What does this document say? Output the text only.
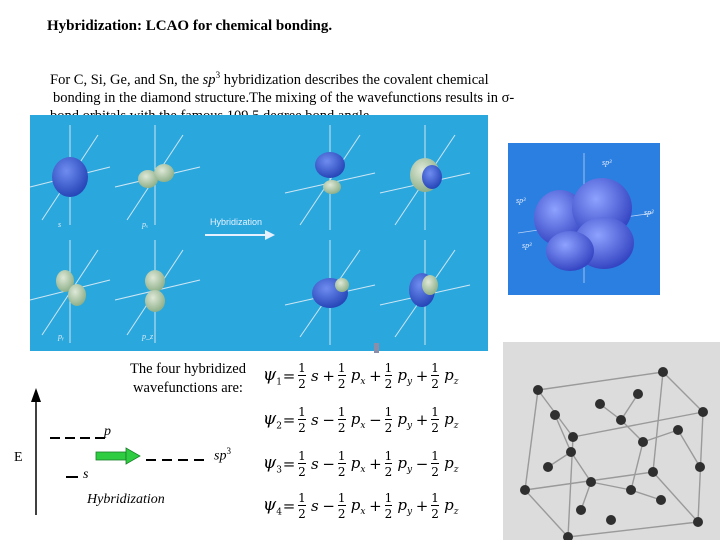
Hybridization: LCAO for chemical bonding.
For C, Si, Ge, and Sn, the $sp^3$ hybridization describes the covalent chemical
bonding in the diamond structure.The mixing of the wavefunctions results in σ-
Hybridization
s	pₓ
pᵧ	p_z
sp³
sp³
sp³
sp³
The four hybridized wavefunctions are:
$\psi_1 = \frac{1}{2}$ $s + \frac{1}{2} p_x + \frac{1}{2} p_y + \frac{1}{2} p_z$
$\psi_2 = \frac{1}{2}$ $s - \frac{1}{2} p_x - \frac{1}{2} p_y + \frac{1}{2} p_z$
$\psi_3 = \frac{1}{2}$ $s - \frac{1}{2} p_x + \frac{1}{2} p_y - \frac{1}{2} p_z$
$\psi_4 = \frac{1}{2}$ $s - \frac{1}{2} p_x + \frac{1}{2} p_y + \frac{1}{2} p_z$
E
p
s
$sp^3$
Hybridization
